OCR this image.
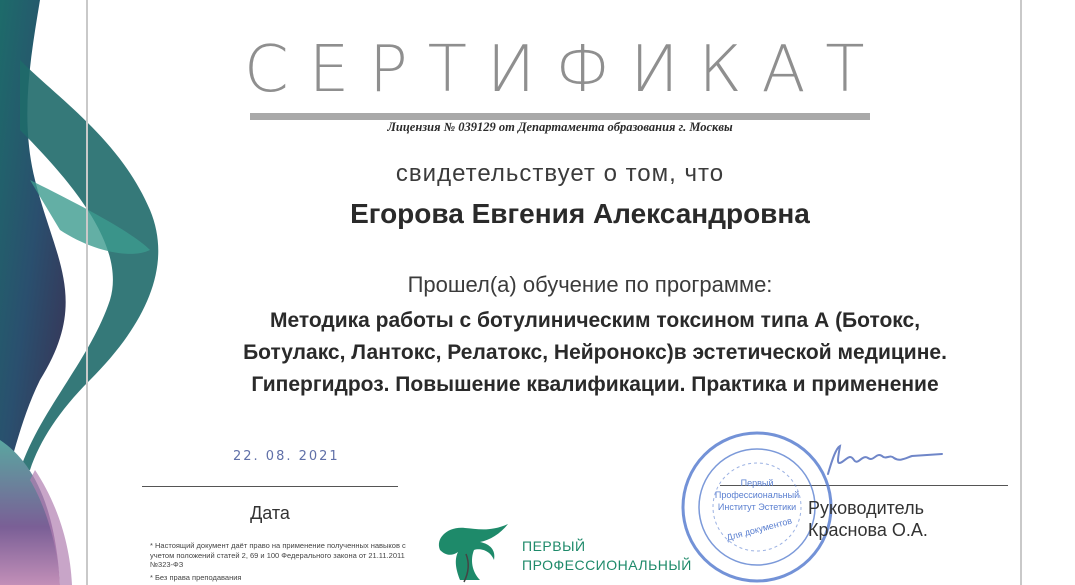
СЕРТИФИКАТ
Лицензия № 039129 от Департамента образования г. Москвы
свидетельствует о том, что
Егорова Евгения Александровна
Прошел(а) обучение по программе:
Методика работы с ботулиническим токсином типа А (Ботокс,
Ботулакс, Лантокс, Релатокс, Нейронокс)в эстетической медицине.
Гипергидроз. Повышение квалификации. Практика и применение
22. 08. 2021
Дата
* Настоящий документ даёт право на применение полученных навыков с учетом положений статей 2, 69 и 100 Федерального закона от 21.11.2011 №323-ФЗ
* Без права преподавания
ПЕРВЫЙ
ПРОФЕССИОНАЛЬНЫЙ
Первый
Профессиональный
Институт Эстетики
Для документов
Руководитель
Краснова О.А.
